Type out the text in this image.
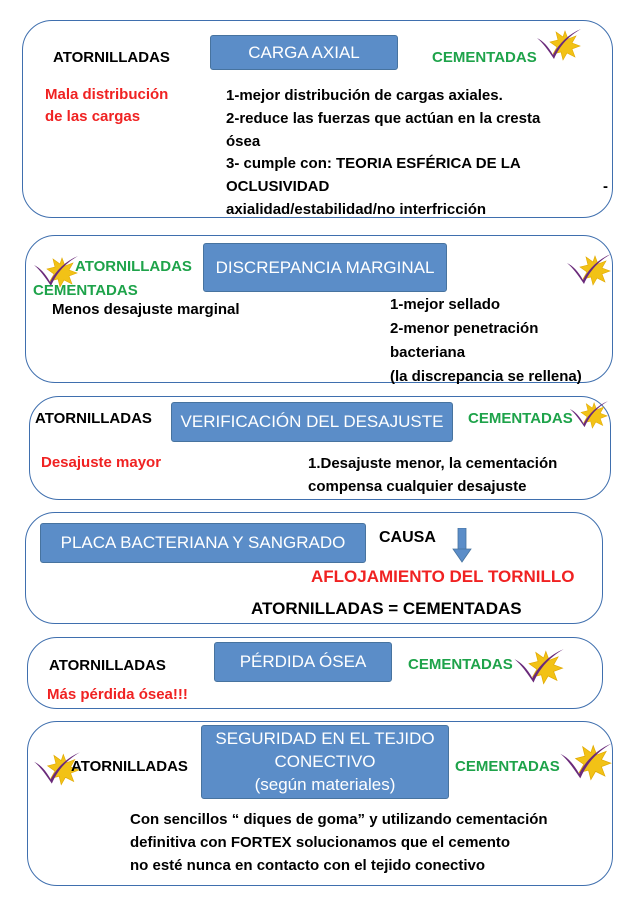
ATORNILLADAS	CARGA AXIAL	CEMENTADAS
Mala distribución
de las cargas
1-mejor distribución de cargas axiales.
2-reduce las fuerzas que actúan en la cresta
ósea
3- cumple con: TEORIA ESFÉRICA DE LA
OCLUSIVIDAD
axialidad/estabilidad/no interfricción
-
ATORNILLADAS
CEMENTADAS
DISCREPANCIA MARGINAL
Menos desajuste marginal	1-mejor sellado
2-menor penetración
bacteriana
(la discrepancia se rellena)
ATORNILLADAS	VERIFICACIÓN DEL DESAJUSTE	CEMENTADAS
Desajuste mayor	1.Desajuste menor, la cementación
compensa cualquier desajuste
PLACA BACTERIANA Y SANGRADO	CAUSA
AFLOJAMIENTO DEL TORNILLO
ATORNILLADAS = CEMENTADAS
ATORNILLADAS	PÉRDIDA ÓSEA	CEMENTADAS
Más pérdida ósea!!!
ATORNILLADAS
SEGURIDAD EN EL TEJIDO
CONECTIVO
(según materiales)
CEMENTADAS
Con sencillos “ diques de goma” y utilizando cementación
definitiva con FORTEX solucionamos que el cemento
no esté nunca en contacto con el tejido conectivo
